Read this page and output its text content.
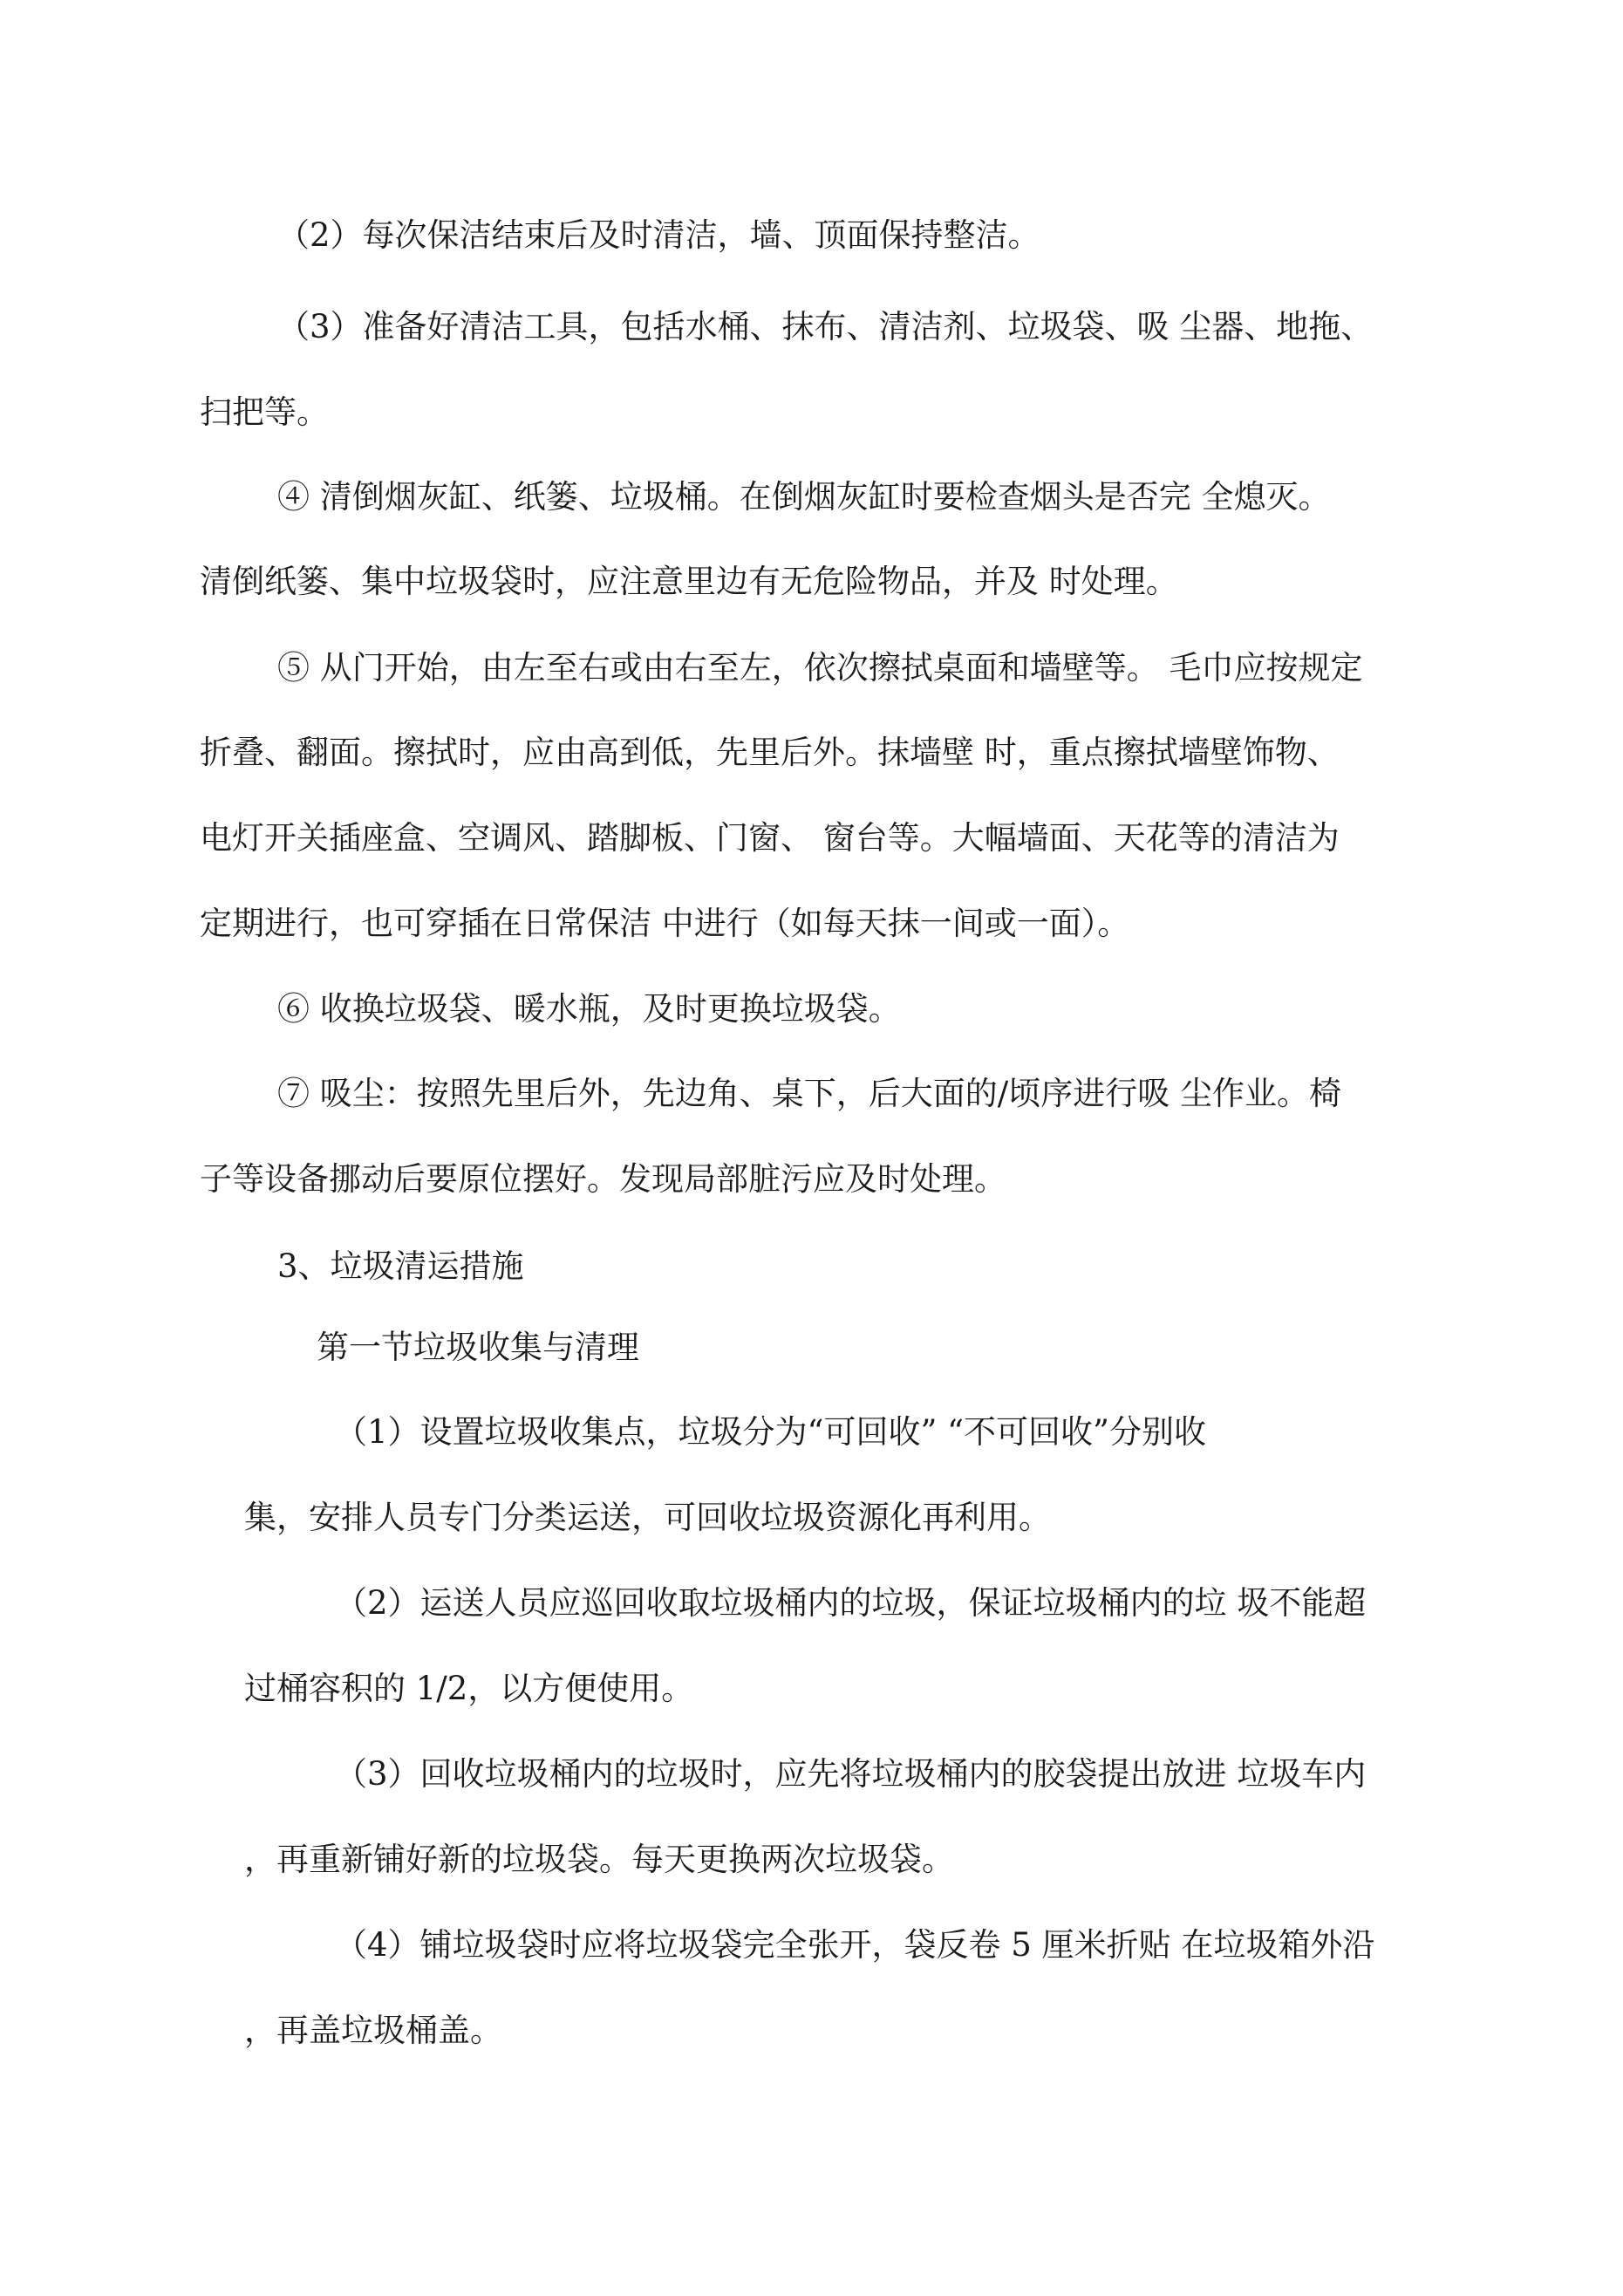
（2）每次保洁结束后及时清洁，墙、顶面保持整洁。

（3）准备好清洁工具，包括水桶、抹布、清洁剂、垃圾袋、吸 尘器、地拖、

扫把等。

④ 清倒烟灰缸、纸篓、垃圾桶。在倒烟灰缸时要检查烟头是否完 全熄灭。

清倒纸篓、集中垃圾袋时，应注意里边有无危险物品，并及 时处理。

⑤ 从门开始，由左至右或由右至左，依次擦拭桌面和墙壁等。 毛巾应按规定

折叠、翻面。擦拭时，应由高到低，先里后外。抹墙壁 时，重点擦拭墙壁饰物、

电灯开关插座盒、空调风、踏脚板、门窗、 窗台等。大幅墙面、天花等的清洁为

定期进行，也可穿插在日常保洁 中进行（如每天抹一间或一面）。

⑥ 收换垃圾袋、暖水瓶，及时更换垃圾袋。

⑦ 吸尘：按照先里后外，先边角、桌下，后大面的/顷序进行吸 尘作业。椅

子等设备挪动后要原位摆好。发现局部脏污应及时处理。

3、垃圾清运措施

第一节垃圾收集与清理

（1）设置垃圾收集点，垃圾分为“可回收” “不可回收”分别收

集，安排人员专门分类运送，可回收垃圾资源化再利用。

（2）运送人员应巡回收取垃圾桶内的垃圾，保证垃圾桶内的垃 圾不能超

过桶容积的 1/2，以方便使用。

（3）回收垃圾桶内的垃圾时，应先将垃圾桶内的胶袋提出放进 垃圾车内

，再重新铺好新的垃圾袋。每天更换两次垃圾袋。

（4）铺垃圾袋时应将垃圾袋完全张开，袋反卷 5 厘米折贴 在垃圾箱外沿

，再盖垃圾桶盖。
